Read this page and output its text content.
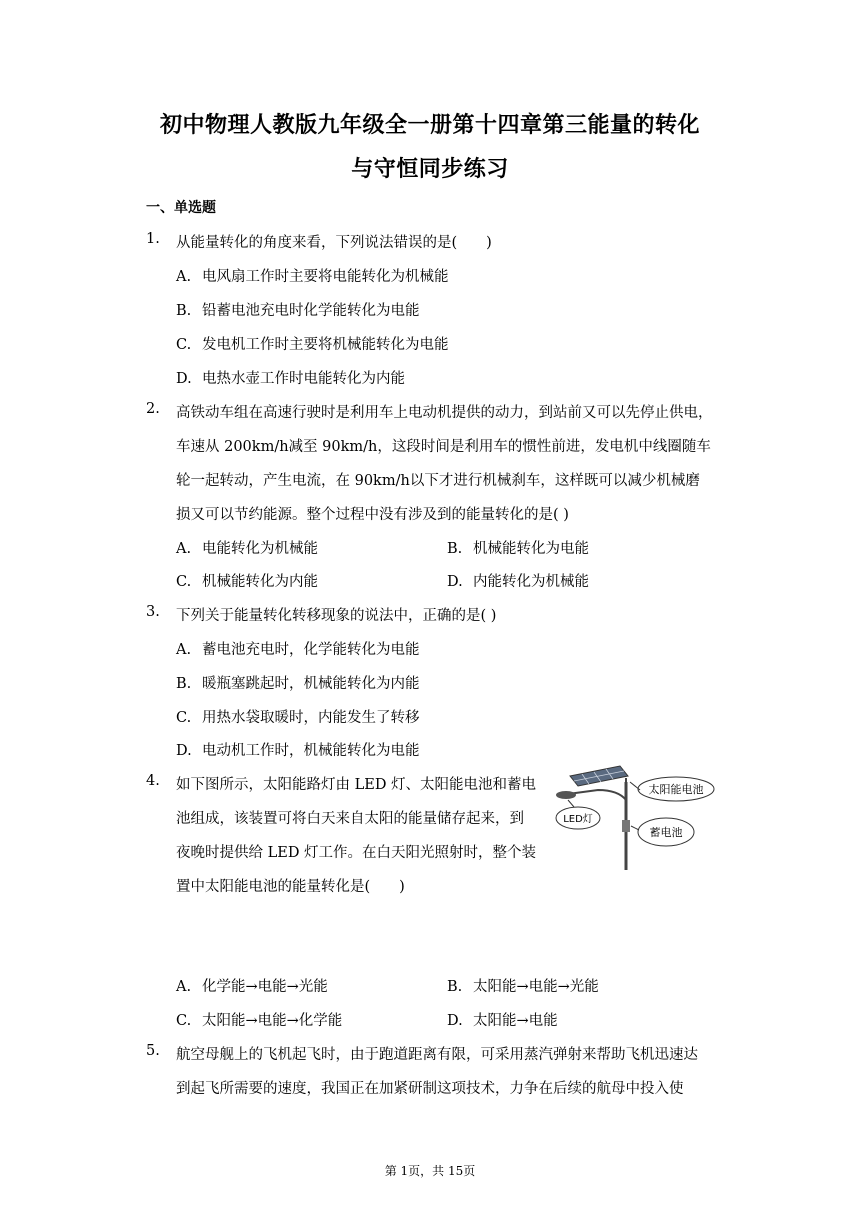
初中物理人教版九年级全一册第十四章第三能量的转化
与守恒同步练习
一、单选题
1. 从能量转化的角度来看，下列说法错误的是(　　)
A. 电风扇工作时主要将电能转化为机械能
B. 铅蓄电池充电时化学能转化为电能
C. 发电机工作时主要将机械能转化为电能
D. 电热水壶工作时电能转化为内能
2. 高铁动车组在高速行驶时是利用车上电动机提供的动力，到站前又可以先停止供电，
车速从 200km/h减至 90km/h，这段时间是利用车的惯性前进，发电机中线圈随车
轮一起转动，产生电流，在 90km/h以下才进行机械刹车，这样既可以减少机械磨
损又可以节约能源。整个过程中没有涉及到的能量转化的是( )
A. 电能转化为机械能	B. 机械能转化为电能
C. 机械能转化为内能	D. 内能转化为机械能
3. 下列关于能量转化转移现象的说法中，正确的是( )
A. 蓄电池充电时，化学能转化为电能
B. 暖瓶塞跳起时，机械能转化为内能
C. 用热水袋取暖时，内能发生了转移
D. 电动机工作时，机械能转化为电能
4. 如下图所示，太阳能路灯由 LED 灯、太阳能电池和蓄电
池组成，该装置可将白天来自太阳的能量储存起来，到
夜晚时提供给 LED 灯工作。在白天阳光照射时，整个装
置中太阳能电池的能量转化是(　　)
太阳能电池
LED灯
蓄电池
A. 化学能→电能→光能	B. 太阳能→电能→光能
C. 太阳能→电能→化学能	D. 太阳能→电能
5. 航空母舰上的飞机起飞时，由于跑道距离有限，可采用蒸汽弹射来帮助飞机迅速达
到起飞所需要的速度，我国正在加紧研制这项技术，力争在后续的航母中投入使
第 1页，共 15页
